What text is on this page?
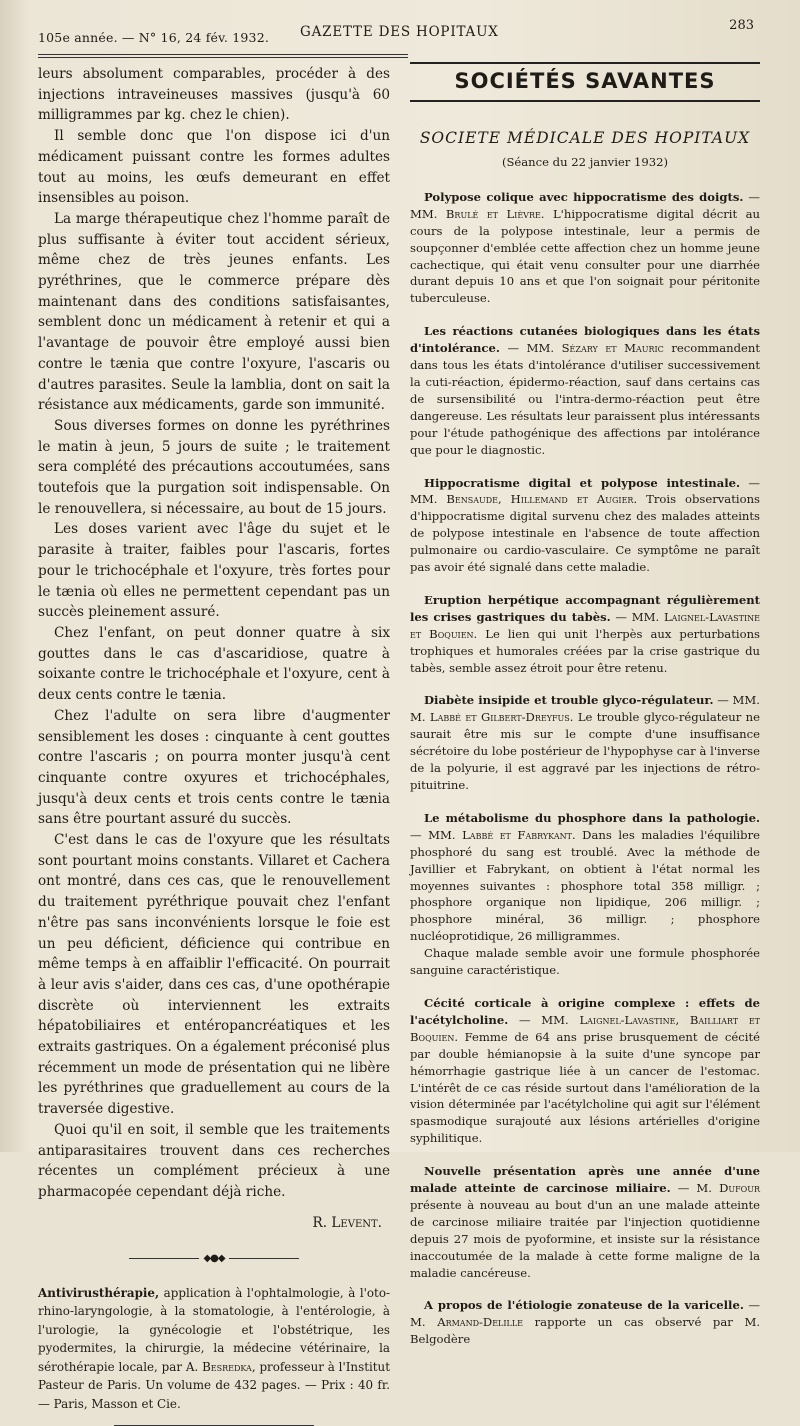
105e année. — N° 16, 24 fév. 1932. GAZETTE DES HOPITAUX	283

leurs absolument comparables, procéder à des injections intraveineuses massives (jusqu'à 60 milligrammes par kg. chez le chien).

Il semble donc que l'on dispose ici d'un médicament puissant contre les formes adultes tout au moins, les œufs demeurant en effet insensibles au poison.

La marge thérapeutique chez l'homme paraît de plus suffisante à éviter tout accident sérieux, même chez de très jeunes enfants. Les pyréthrines, que le commerce prépare dès maintenant dans des conditions satisfaisantes, semblent donc un médicament à retenir et qui a l'avantage de pouvoir être employé aussi bien contre le tænia que contre l'oxyure, l'ascaris ou d'autres parasites. Seule la lamblia, dont on sait la résistance aux médicaments, garde son immunité.

Sous diverses formes on donne les pyréthrines le matin à jeun, 5 jours de suite ; le traitement sera complété des précautions accoutumées, sans toutefois que la purgation soit indispensable. On le renouvellera, si nécessaire, au bout de 15 jours.

Les doses varient avec l'âge du sujet et le parasite à traiter, faibles pour l'ascaris, fortes pour le trichocéphale et l'oxyure, très fortes pour le tænia où elles ne permettent cependant pas un succès pleinement assuré.

Chez l'enfant, on peut donner quatre à six gouttes dans le cas d'ascaridiose, quatre à soixante contre le trichocéphale et l'oxyure, cent à deux cents contre le tænia.

Chez l'adulte on sera libre d'augmenter sensiblement les doses : cinquante à cent gouttes contre l'ascaris ; on pourra monter jusqu'à cent cinquante contre oxyures et trichocéphales, jusqu'à deux cents et trois cents contre le tænia sans être pourtant assuré du succès.

C'est dans le cas de l'oxyure que les résultats sont pourtant moins constants. Villaret et Cachera ont montré, dans ces cas, que le renouvellement du traitement pyréthrique pouvait chez l'enfant n'être pas sans inconvénients lorsque le foie est un peu déficient, déficience qui contribue en même temps à en affaiblir l'efficacité. On pourrait à leur avis s'aider, dans ces cas, d'une opothérapie discrète où interviennent les extraits hépatobiliaires et entéropancréatiques et les extraits gastriques. On a également préconisé plus récemment un mode de présentation qui ne libère les pyréthrines que graduellement au cours de la traversée digestive.

Quoi qu'il en soit, il semble que les traitements antiparasitaires trouvent dans ces recherches récentes un complément précieux à une pharmacopée cependant déjà riche.

R. Levent.

◆●◆
Antivirusthérapie, application à l'ophtalmologie, à l'oto-rhino-laryngologie, à la stomatologie, à l'entérologie, à l'urologie, la gynécologie et l'obstétrique, les pyodermites, la chirurgie, la médecine vétérinaire, la sérothérapie locale, par A. Besredka, professeur à l'Institut Pasteur de Paris. Un volume de 432 pages. — Prix : 40 fr. — Paris, Masson et Cie.
SOCIÉTÉS SAVANTES
SOCIETE MÉDICALE DES HOPITAUX
(Séance du 22 janvier 1932)

Polypose colique avec hippocratisme des doigts. — MM. Brulé et Lièvre. L'hippocratisme digital décrit au cours de la polypose intestinale, leur a permis de soupçonner d'emblée cette affection chez un homme jeune cachectique, qui était venu consulter pour une diarrhée durant depuis 10 ans et que l'on soignait pour péritonite tuberculeuse.

Les réactions cutanées biologiques dans les états d'intolérance. — MM. Sézary et Mauric recommandent dans tous les états d'intolérance d'utiliser successivement la cuti-réaction, épidermo-réaction, sauf dans certains cas de sursensibilité ou l'intra-dermo-réaction peut être dangereuse. Les résultats leur paraissent plus intéressants pour l'étude pathogénique des affections par intolérance que pour le diagnostic.

Hippocratisme digital et polypose intestinale. — MM. Bensaude, Hillemand et Augier. Trois observations d'hippocratisme digital survenu chez des malades atteints de polypose intestinale en l'absence de toute affection pulmonaire ou cardio-vasculaire. Ce symptôme ne paraît pas avoir été signalé dans cette maladie.

Eruption herpétique accompagnant régulièrement les crises gastriques du tabès. — MM. Laignel-Lavastine et Boquien. Le lien qui unit l'herpès aux perturbations trophiques et humorales créées par la crise gastrique du tabès, semble assez étroit pour être retenu.

Diabète insipide et trouble glyco-régulateur. — MM. M. Labbé et Gilbert-Dreyfus. Le trouble glyco-régulateur ne saurait être mis sur le compte d'une insuffisance sécrétoire du lobe postérieur de l'hypophyse car à l'inverse de la polyurie, il est aggravé par les injections de rétro-pituitrine.

Le métabolisme du phosphore dans la pathologie. — MM. Labbé et Fabrykant. Dans les maladies l'équilibre phosphoré du sang est troublé. Avec la méthode de Javillier et Fabrykant, on obtient à l'état normal les moyennes suivantes : phosphore total 358 milligr. ; phosphore organique non lipidique, 206 milligr. ; phosphore minéral, 36 milligr. ; phosphore nucléoprotidique, 26 milligrammes.

Chaque malade semble avoir une formule phosphorée sanguine caractéristique.

Cécité corticale à origine complexe : effets de l'acétylcholine. — MM. Laignel-Lavastine, Bailliart et Boquien. Femme de 64 ans prise brusquement de cécité par double hémianopsie à la suite d'une syncope par hémorrhagie gastrique liée à un cancer de l'estomac. L'intérêt de ce cas réside surtout dans l'amélioration de la vision déterminée par l'acétylcholine qui agit sur l'élément spasmodique surajouté aux lésions artérielles d'origine syphilitique.

Nouvelle présentation après une année d'une malade atteinte de carcinose miliaire. — M. Dufour présente à nouveau au bout d'un an une malade atteinte de carcinose miliaire traitée par l'injection quotidienne depuis 27 mois de pyoformine, et insiste sur la résistance inaccoutumée de la malade à cette forme maligne de la maladie cancéreuse.

A propos de l'étiologie zonateuse de la varicelle. — M. Armand-Delille rapporte un cas observé par M. Belgodère
